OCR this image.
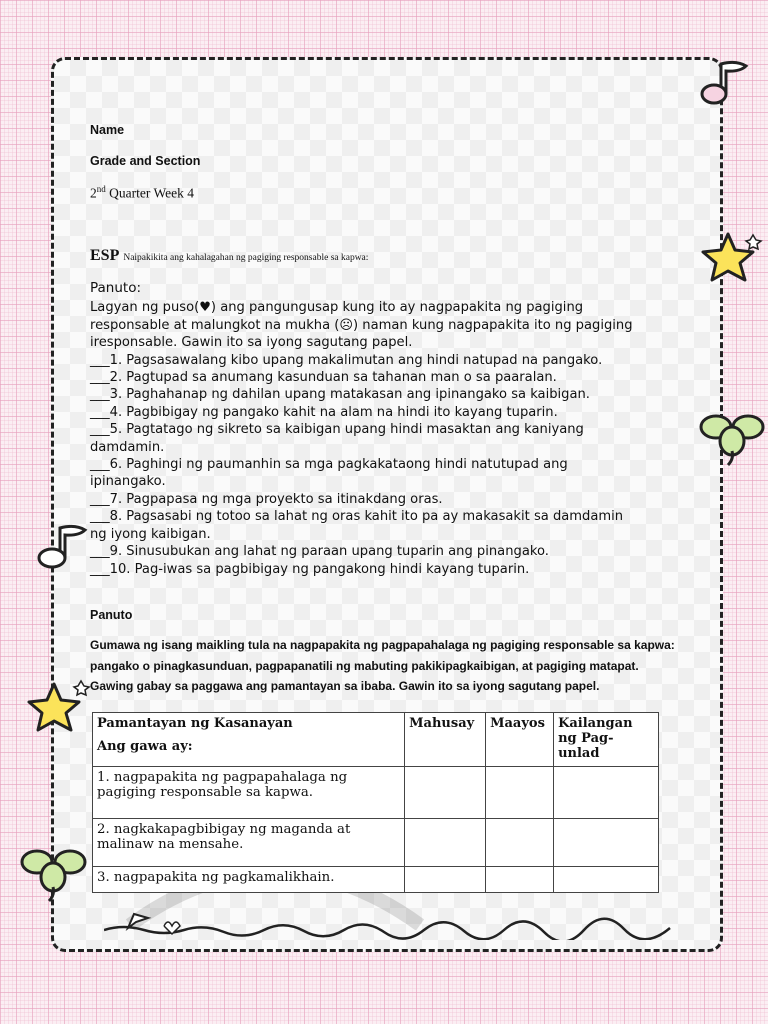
Name
Grade and Section
2nd Quarter Week 4
ESP Naipakikita ang kahalagahan ng pagiging responsable sa kapwa:
Panuto:
Lagyan ng puso(♥) ang pangungusap kung ito ay nagpapakita ng pagiging
responsable at malungkot na mukha (☹) naman kung nagpapakita ito ng pagiging
iresponsable. Gawin ito sa iyong sagutang papel.
___1. Pagsasawalang kibo upang makalimutan ang hindi natupad na pangako.
___2. Pagtupad sa anumang kasunduan sa tahanan man o sa paaralan.
___3. Paghahanap ng dahilan upang matakasan ang ipinangako sa kaibigan.
___4. Pagbibigay ng pangako kahit na alam na hindi ito kayang tuparin.
___5. Pagtatago ng sikreto sa kaibigan upang hindi masaktan ang kaniyang
damdamin.
___6. Paghingi ng paumanhin sa mga pagkakataong hindi natutupad ang
ipinangako.
___7. Pagpapasa ng mga proyekto sa itinakdang oras.
___8. Pagsasabi ng totoo sa lahat ng oras kahit ito pa ay makasakit sa damdamin
ng iyong kaibigan.
___9. Sinusubukan ang lahat ng paraan upang tuparin ang pinangako.
___10. Pag-iwas sa pagbibigay ng pangakong hindi kayang tuparin.
Panuto
Gumawa ng isang maikling tula na nagpapakita ng pagpapahalaga ng pagiging responsable sa kapwa:
pangako o pinagkasunduan, pagpapanatili ng mabuting pakikipagkaibigan, at pagiging matapat.
Gawing gabay sa paggawa ang pamantayan sa ibaba. Gawin ito sa iyong sagutang papel.
Pamantayan ng Kasanayan
Ang gawa ay:	Mahusay	Maayos	Kailangan ng Pag-unlad
1. nagpapakita ng pagpapahalaga ng pagiging responsable sa kapwa.			
2. nagkakapagbibigay ng maganda at malinaw na mensahe.			
3. nagpapakita ng pagkamalikhain.			
